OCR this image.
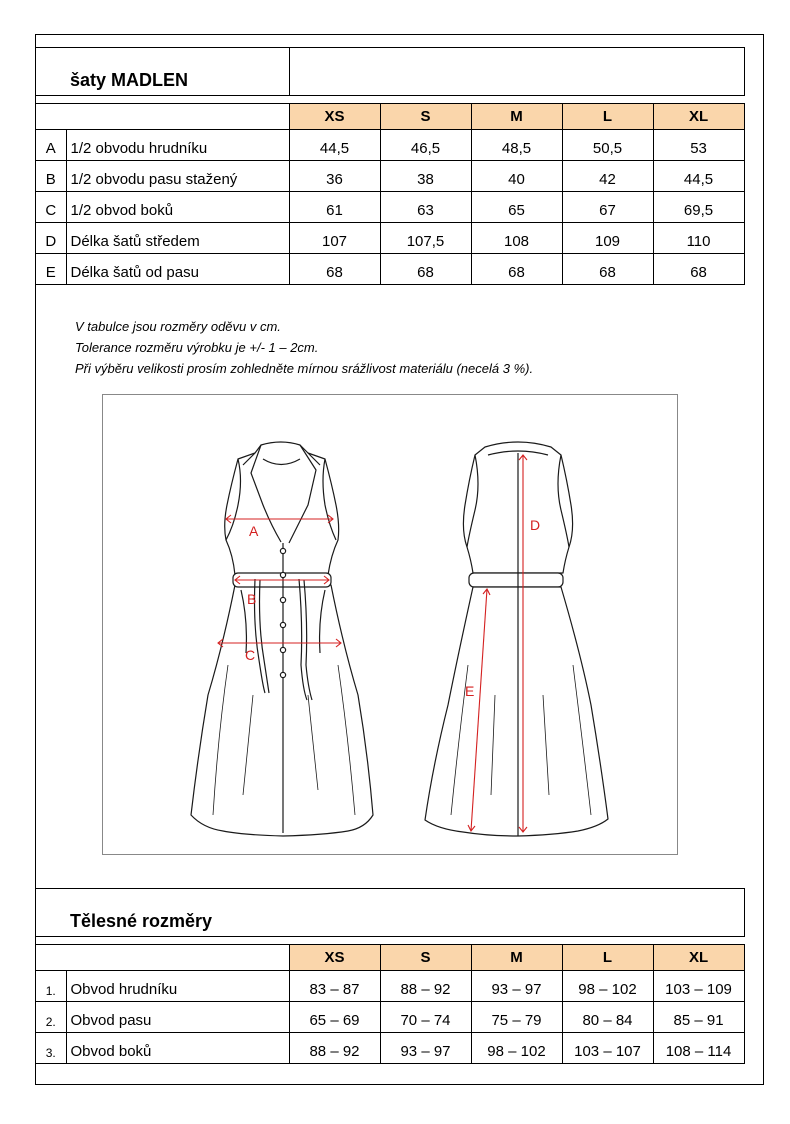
šaty MADLEN						

		XS	S	M	L	XL
A	1/2 obvodu hrudníku	44,5	46,5	48,5	50,5	53
B	1/2 obvodu pasu stažený	36	38	40	42	44,5
C	1/2 obvod boků	61	63	65	67	69,5
D	Délka šatů středem	107	107,5	108	109	110
E	Délka šatů od pasu	68	68	68	68	68
V tabulce jsou rozměry oděvu v cm.
Tolerance rozměru výrobku je +/- 1 – 2cm.
Při výběru velikosti prosím zohledněte mírnou srážlivost materiálu (necelá 3 %).
A
B
C
D
E
Tělesné rozměry						

		XS	S	M	L	XL
1.	Obvod hrudníku	83 – 87	88 – 92	93 – 97	98 – 102	103 – 109
2.	Obvod pasu	65 – 69	70 – 74	75 – 79	80 – 84	85 – 91
3.	Obvod boků	88 – 92	93 – 97	98 – 102	103 – 107	108 – 114
